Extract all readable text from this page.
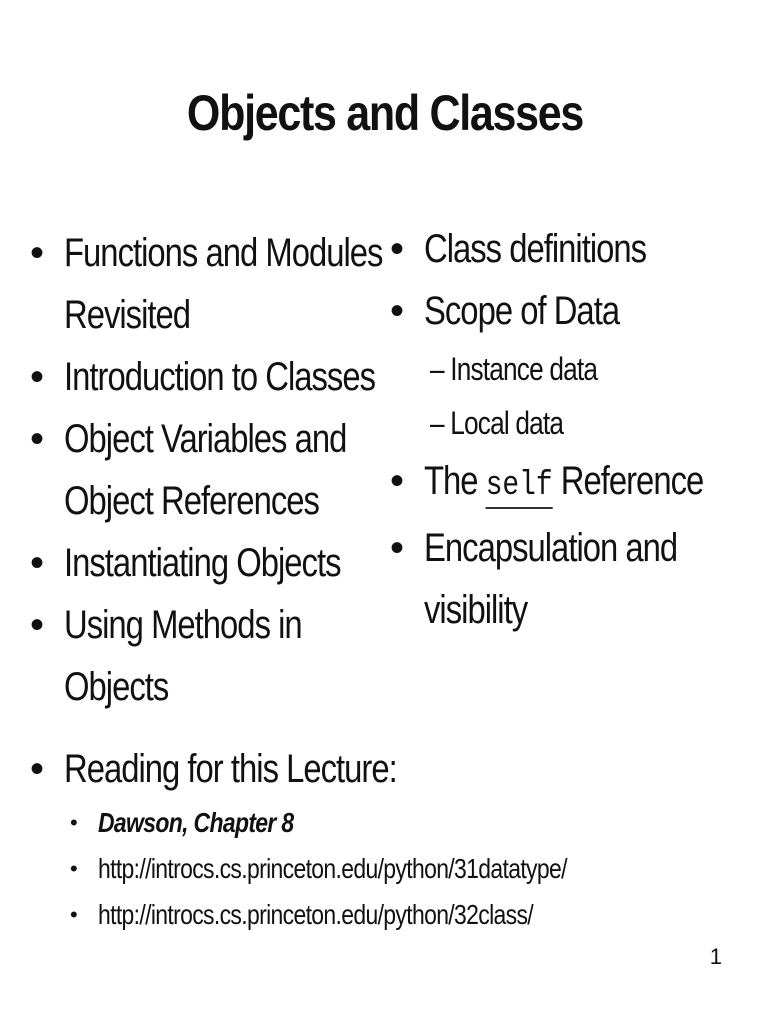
Objects and Classes
• Functions and Modules
Revisited
• Introduction to Classes
• Object Variables and
Object References
• Instantiating Objects
• Using Methods in
Objects
• Class definitions
• Scope of Data
– Instance data
– Local data
• The self Reference
• Encapsulation and
visibility
• Reading for this Lecture:
• Dawson, Chapter 8
• http://introcs.cs.princeton.edu/python/31datatype/
• http://introcs.cs.princeton.edu/python/32class/
1
